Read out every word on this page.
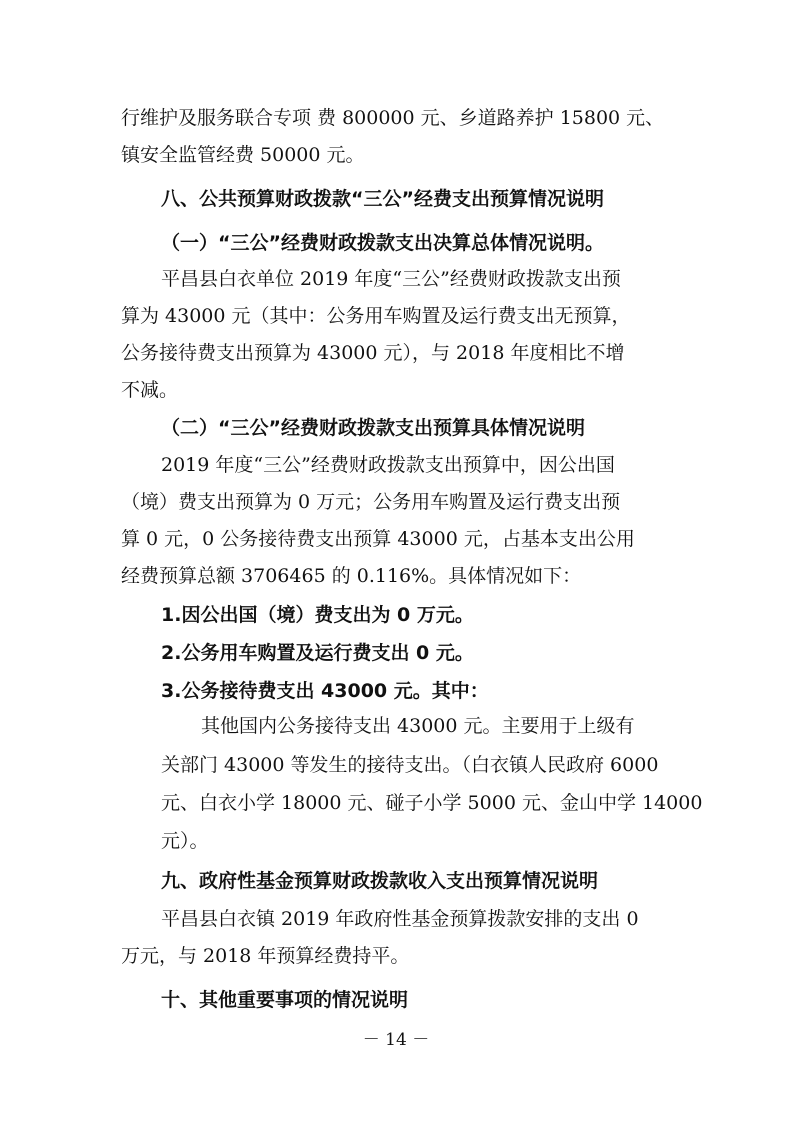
行维护及服务联合专项 费 800000 元、乡道路养护 15800 元、
镇安全监管经费 50000 元。
八、公共预算财政拨款“三公”经费支出预算情况说明
（一）“三公”经费财政拨款支出决算总体情况说明。
平昌县白衣单位 2019 年度“三公”经费财政拨款支出预
算为 43000 元（其中：公务用车购置及运行费支出无预算，
公务接待费支出预算为 43000 元），与 2018 年度相比不增
不减。
（二）“三公”经费财政拨款支出预算具体情况说明
2019 年度“三公”经费财政拨款支出预算中，因公出国
（境）费支出预算为 0 万元；公务用车购置及运行费支出预
算 0 元，0 公务接待费支出预算 43000 元，占基本支出公用
经费预算总额 3706465 的 0.116%。具体情况如下：
1.因公出国（境）费支出为 0 万元。
2.公务用车购置及运行费支出 0 元。
3.公务接待费支出 43000 元。其中：
其他国内公务接待支出 43000 元。主要用于上级有
关部门 43000 等发生的接待支出。（白衣镇人民政府 6000
元、白衣小学 18000 元、碰子小学 5000 元、金山中学 14000
元）。
九、政府性基金预算财政拨款收入支出预算情况说明
平昌县白衣镇 2019 年政府性基金预算拨款安排的支出 0
万元，与 2018 年预算经费持平。
十、其他重要事项的情况说明
－ 14 －
